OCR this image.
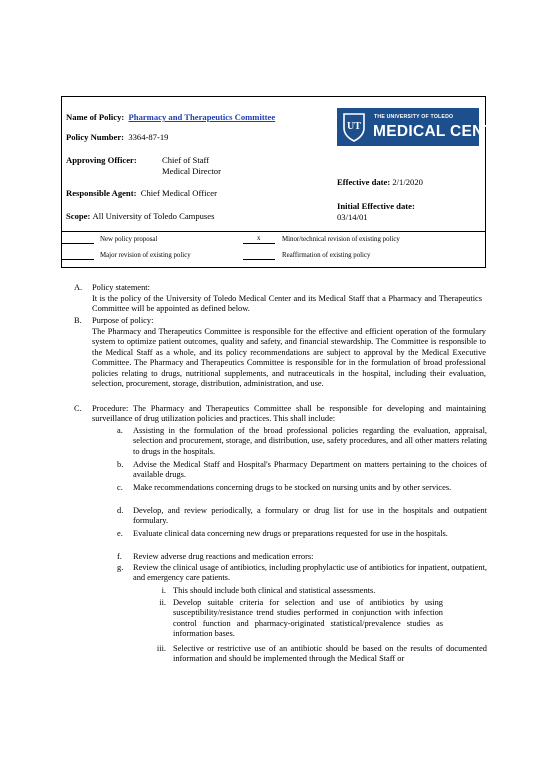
Name of Policy:  Pharmacy and Therapeutics Committee
Policy Number:  3364-87-19
Approving Officer:	Chief of Staff
Medical Director
Responsible Agent:  Chief Medical Officer
Scope: All University of Toledo Campuses
Effective date: 2/1/2020
Initial Effective date:
03/14/01
UT
THE UNIVERSITY OF TOLEDO
MEDICAL CENTER
New policy proposal	x	Minor/technical revision of existing policy
Major revision of existing policy	Reaffirmation of existing policy
A. Policy statement:
It is the policy of the University of Toledo Medical Center and its Medical Staff that a Pharmacy and Therapeutics Committee will be appointed as defined below.
B. Purpose of policy:
The Pharmacy and Therapeutics Committee is responsible for the effective and efficient operation of the formulary system to optimize patient outcomes, quality and safety, and financial stewardship. The Committee is responsible to the Medical Staff as a whole, and its policy recommendations are subject to approval by the Medical Executive Committee. The Pharmacy and Therapeutics Committee is responsible for in the formulation of broad professional policies relating to drugs, nutritional supplements, and nutraceuticals in the hospital, including their evaluation, selection, procurement, storage, distribution, administration, and use.
C. Procedure: The Pharmacy and Therapeutics Committee shall be responsible for developing and maintaining surveillance of drug utilization policies and practices. This shall include:
a. Assisting in the formulation of the broad professional policies regarding the evaluation, appraisal, selection and procurement, storage, and distribution, use, safety procedures, and all other matters relating to drugs in the hospitals.
b. Advise the Medical Staff and Hospital's Pharmacy Department on matters pertaining to the choices of available drugs.
c. Make recommendations concerning drugs to be stocked on nursing units and by other services.
d. Develop, and review periodically, a formulary or drug list for use in the hospitals and outpatient formulary.
e. Evaluate clinical data concerning new drugs or preparations requested for use in the hospitals.
f. Review adverse drug reactions and medication errors:
g. Review the clinical usage of antibiotics, including prophylactic use of antibiotics for inpatient, outpatient, and emergency care patients.
i. This should include both clinical and statistical assessments.
ii. Develop suitable criteria for selection and use of antibiotics by using susceptibility/resistance trend studies performed in conjunction with infection control function and pharmacy-originated statistical/prevalence studies as information bases.
iii. Selective or restrictive use of an antibiotic should be based on the results of documented information and should be implemented through the Medical Staff or
